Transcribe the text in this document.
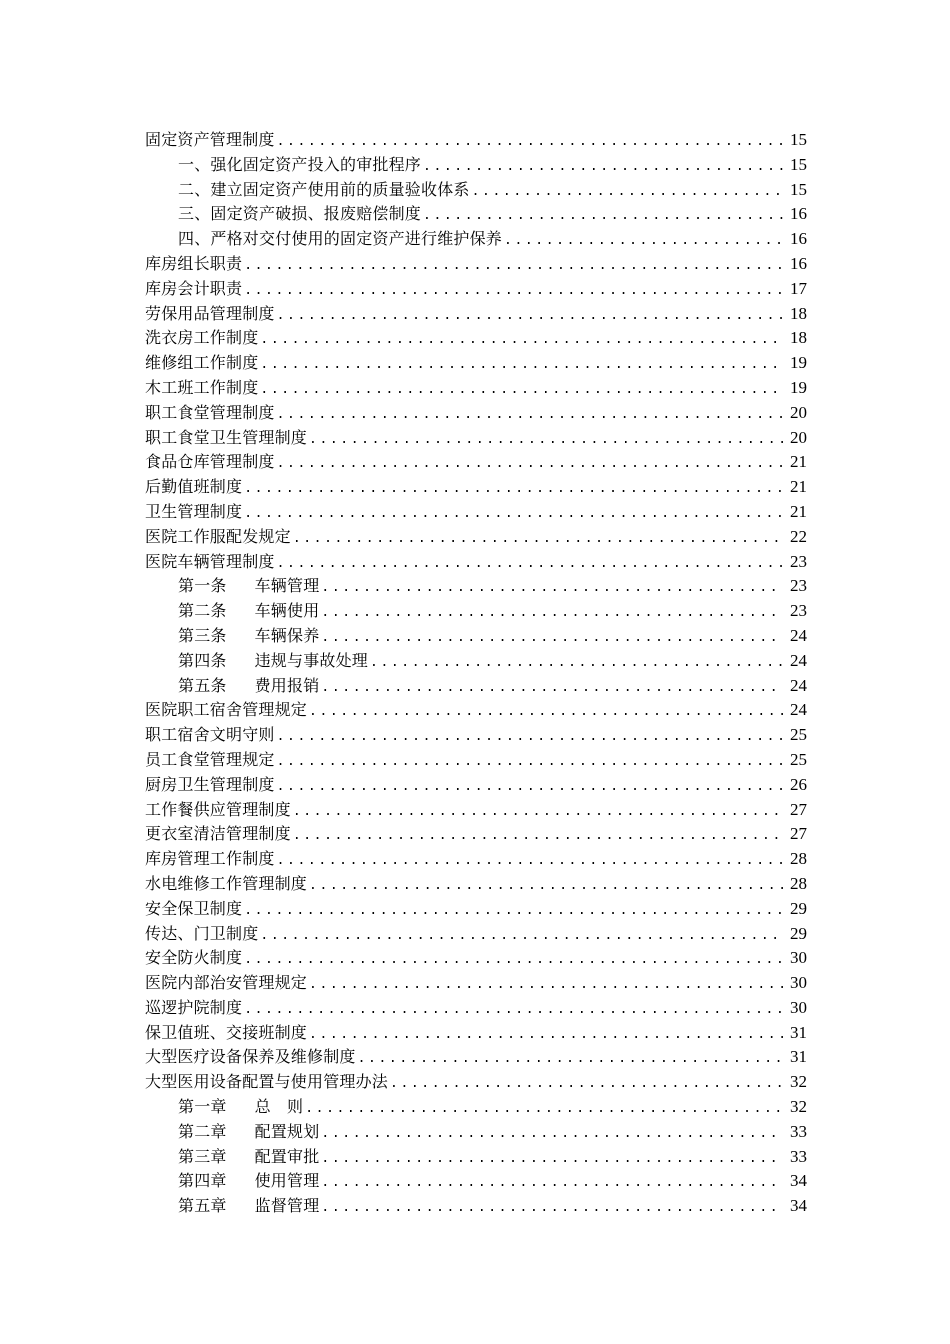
固定资产管理制度 .....	15
一、强化固定资产投入的审批程序 .....	15
二、建立固定资产使用前的质量验收体系 .....	15
三、固定资产破损、报废赔偿制度 .....	16
四、严格对交付使用的固定资产进行维护保养 .....	16
库房组长职责 .....	16
库房会计职责 .....	17
劳保用品管理制度 .....	18
洗衣房工作制度 .....	18
维修组工作制度 .....	19
木工班工作制度 .....	19
职工食堂管理制度 .....	20
职工食堂卫生管理制度 .....	20
食品仓库管理制度 .....	21
后勤值班制度 .....	21
卫生管理制度 .....	21
医院工作服配发规定 .....	22
医院车辆管理制度 .....	23
第一条 车辆管理 .....	23
第二条 车辆使用 .....	23
第三条 车辆保养 .....	24
第四条 违规与事故处理 .....	24
第五条 费用报销 .....	24
医院职工宿舍管理规定 .....	24
职工宿舍文明守则 .....	25
员工食堂管理规定 .....	25
厨房卫生管理制度 .....	26
工作餐供应管理制度 .....	27
更衣室清洁管理制度 .....	27
库房管理工作制度 .....	28
水电维修工作管理制度 .....	28
安全保卫制度 .....	29
传达、门卫制度 .....	29
安全防火制度 .....	30
医院内部治安管理规定 .....	30
巡逻护院制度 .....	30
保卫值班、交接班制度 .....	31
大型医疗设备保养及维修制度 .....	31
大型医用设备配置与使用管理办法 .....	32
第一章 总　则 .....	32
第二章 配置规划 .....	33
第三章 配置审批 .....	33
第四章 使用管理 .....	34
第五章 监督管理 .....	34
